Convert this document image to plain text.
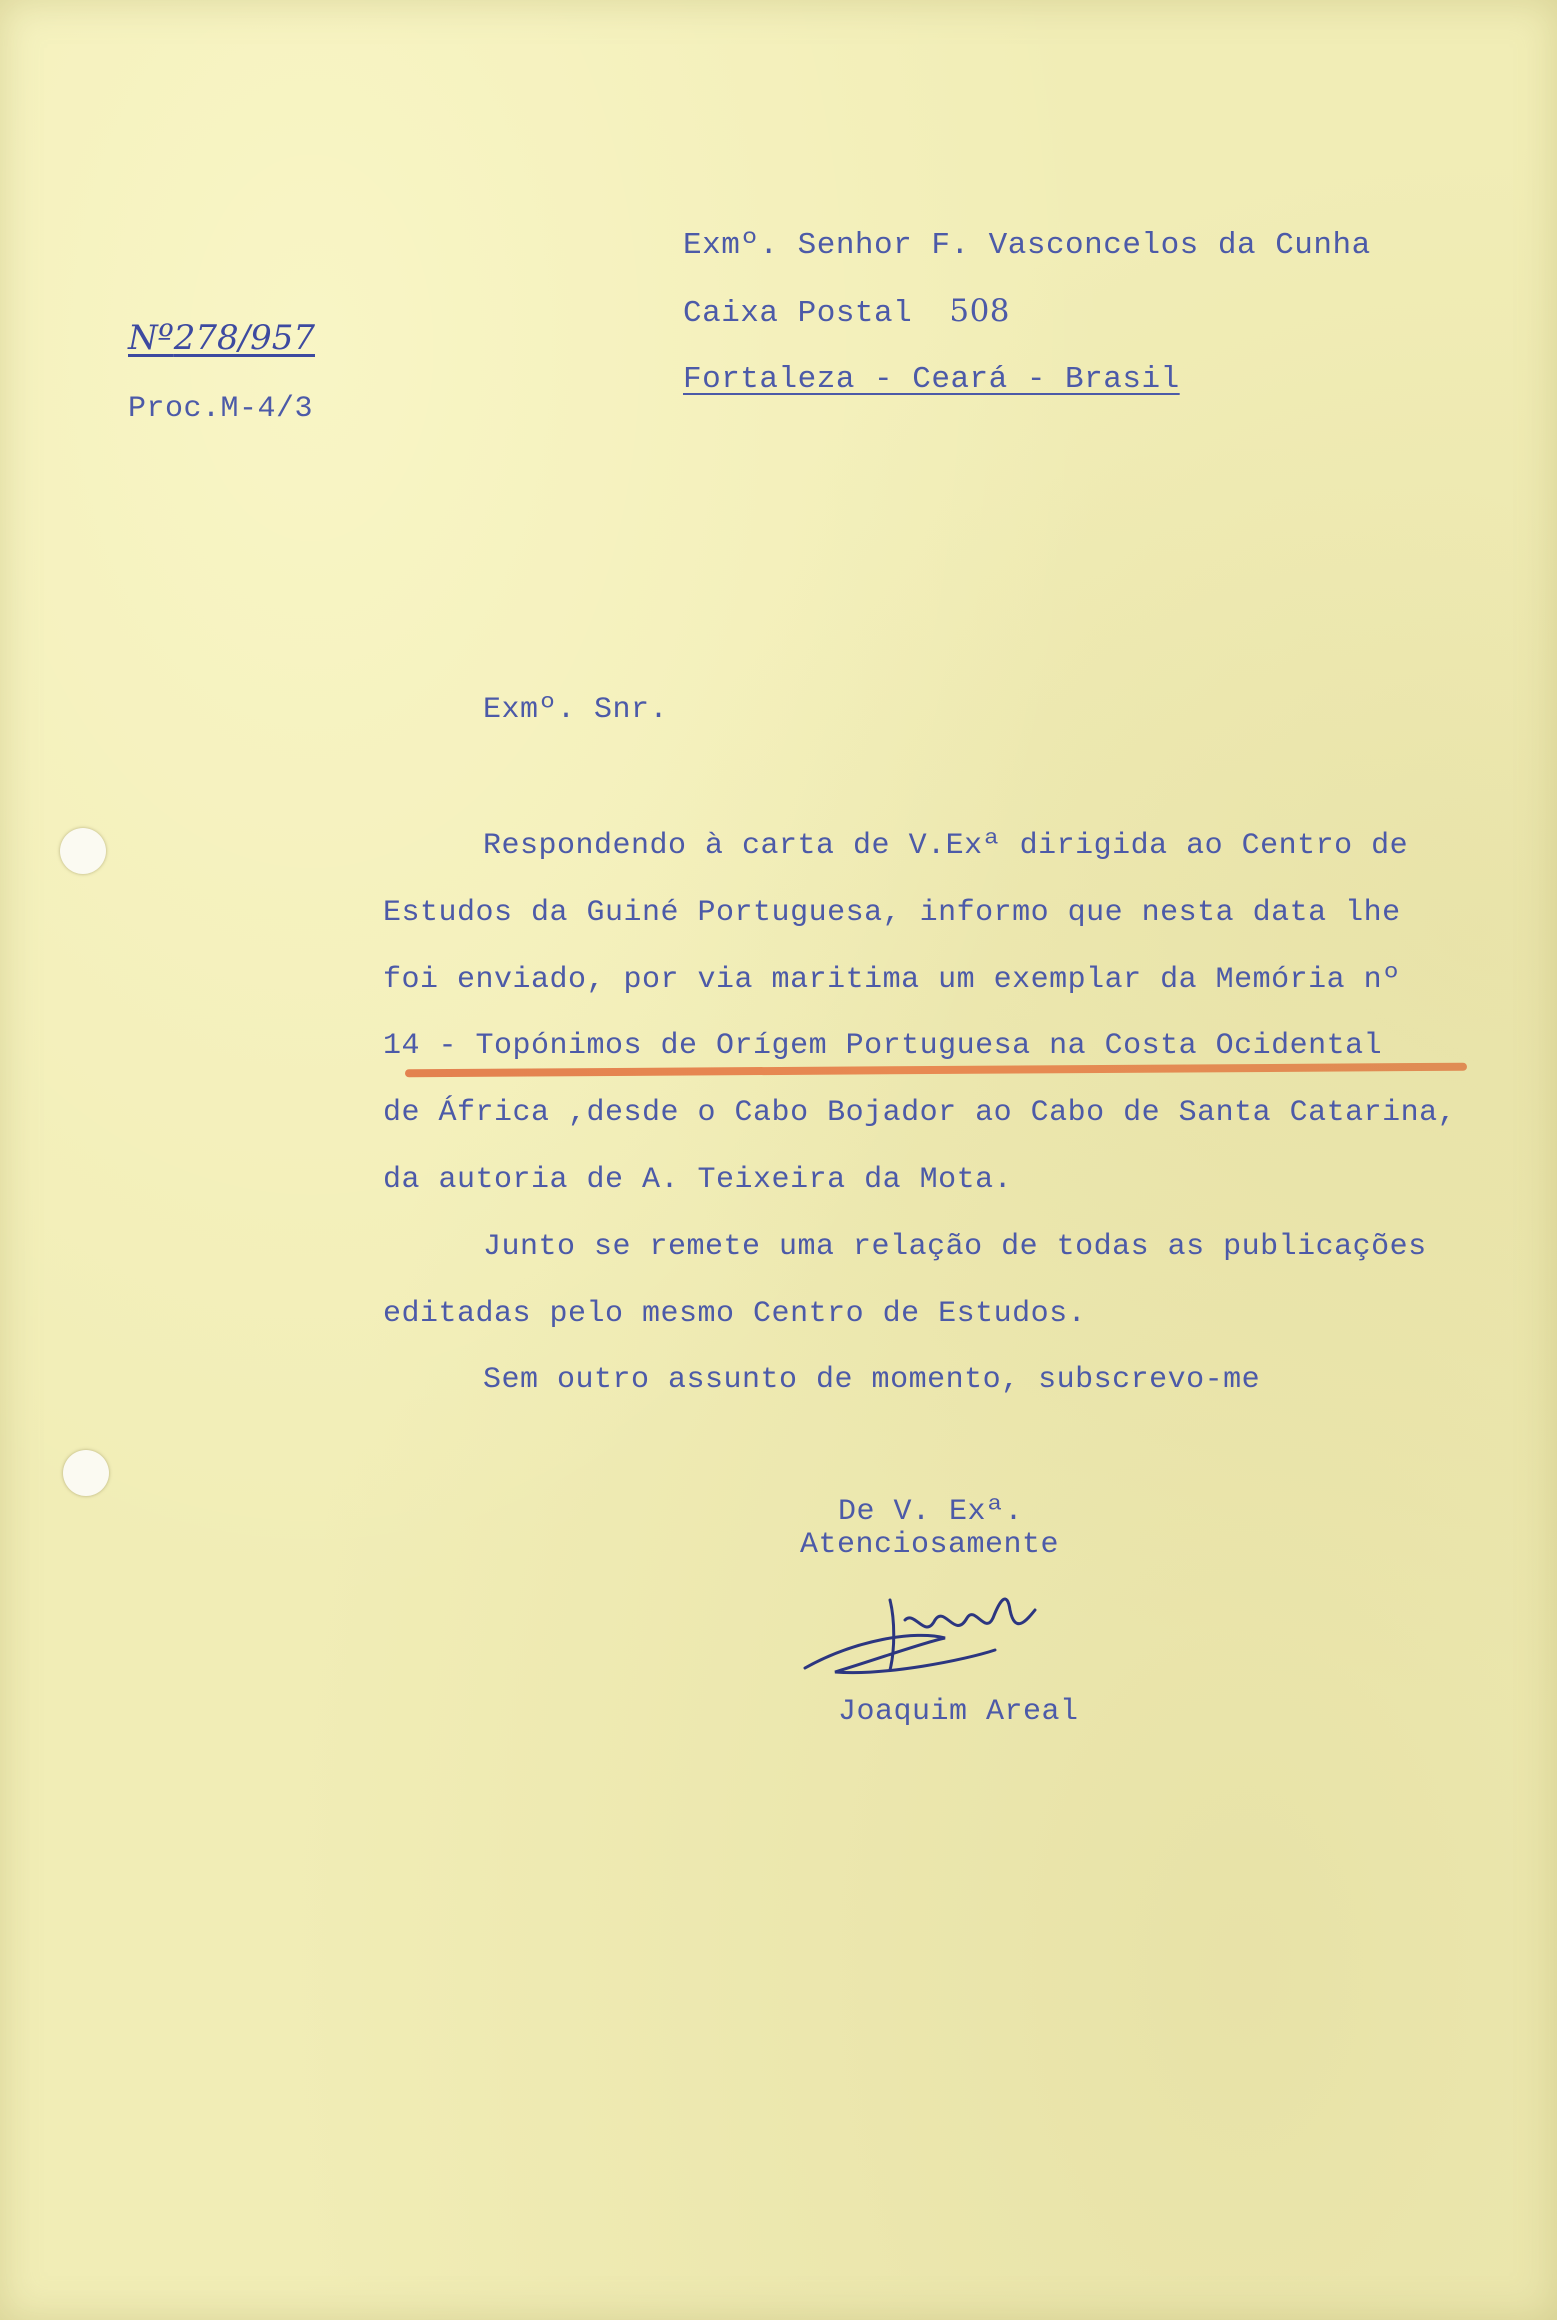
Nº278/957
Proc.M-4/3
Exmº. Senhor F. Vasconcelos da Cunha
Caixa Postal 508
Fortaleza - Ceará - Brasil
Exmº. Snr.
Respondendo à carta de V.Exª dirigida ao Centro de
Estudos da Guiné Portuguesa, informo que nesta data lhe
foi enviado, por via maritima um exemplar da Memória nº
14 - Topónimos de Orígem Portuguesa na Costa Ocidental
de África ,desde o Cabo Bojador ao Cabo de Santa Catarina,
da autoria de A. Teixeira da Mota.
Junto se remete uma relação de todas as publicações
editadas pelo mesmo Centro de Estudos.
Sem outro assunto de momento, subscrevo-me
De V. Exª.
Atenciosamente
Joaquim Areal
